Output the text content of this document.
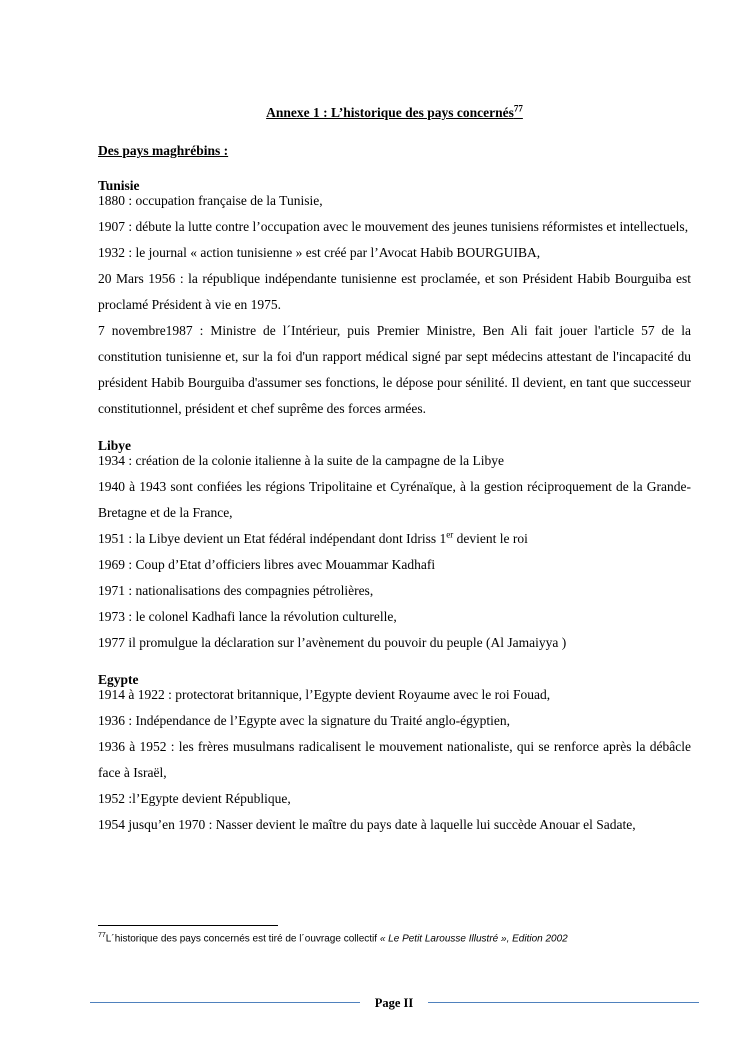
Annexe 1 : L’historique des pays concernés$^{77}$

Des pays maghrébins :

Tunisie

1880 : occupation française de la Tunisie,

1907 : débute la lutte contre l’occupation avec le mouvement des jeunes tunisiens réformistes et intellectuels,

1932 : le journal « action tunisienne » est créé par l’Avocat Habib BOURGUIBA,

20 Mars 1956 : la république indépendante tunisienne est proclamée, et son Président Habib Bourguiba est proclamé Président à vie en 1975.

7 novembre1987 : Ministre de l´Intérieur, puis Premier Ministre, Ben Ali fait jouer l'article 57 de la constitution tunisienne et, sur la foi d'un rapport médical signé par sept médecins attestant de l'incapacité du président Habib Bourguiba d'assumer ses fonctions, le dépose pour sénilité. Il devient, en tant que successeur constitutionnel, président et chef suprême des forces armées.

Libye

1934 : création de la colonie italienne à la suite de la campagne de la Libye

1940 à 1943 sont confiées les régions Tripolitaine et Cyrénaïque, à la gestion réciproquement de la Grande-Bretagne et de la France,

1951 : la Libye devient un Etat fédéral indépendant dont Idriss 1er devient le roi

1969 : Coup d’Etat d’officiers libres avec Mouammar Kadhafi

1971 : nationalisations des compagnies pétrolières,

1973 : le colonel Kadhafi lance la révolution culturelle,

1977 il promulgue la déclaration sur l’avènement du pouvoir du peuple (Al Jamaiyya )

Egypte

1914 à 1922 : protectorat britannique, l’Egypte devient Royaume avec le roi Fouad,

1936 : Indépendance de l’Egypte avec la signature du Traité anglo-égyptien,

1936 à 1952 : les frères musulmans radicalisent le mouvement nationaliste, qui se renforce après la débâcle face à Israël,

1952 :l’Egypte devient République,

1954 jusqu’en 1970 : Nasser devient le maître du pays date à laquelle lui succède Anouar el Sadate,

$^{77}$L´historique des pays concernés est tiré de l´ouvrage collectif « Le Petit Larousse Illustré », Edition 2002
Page II
